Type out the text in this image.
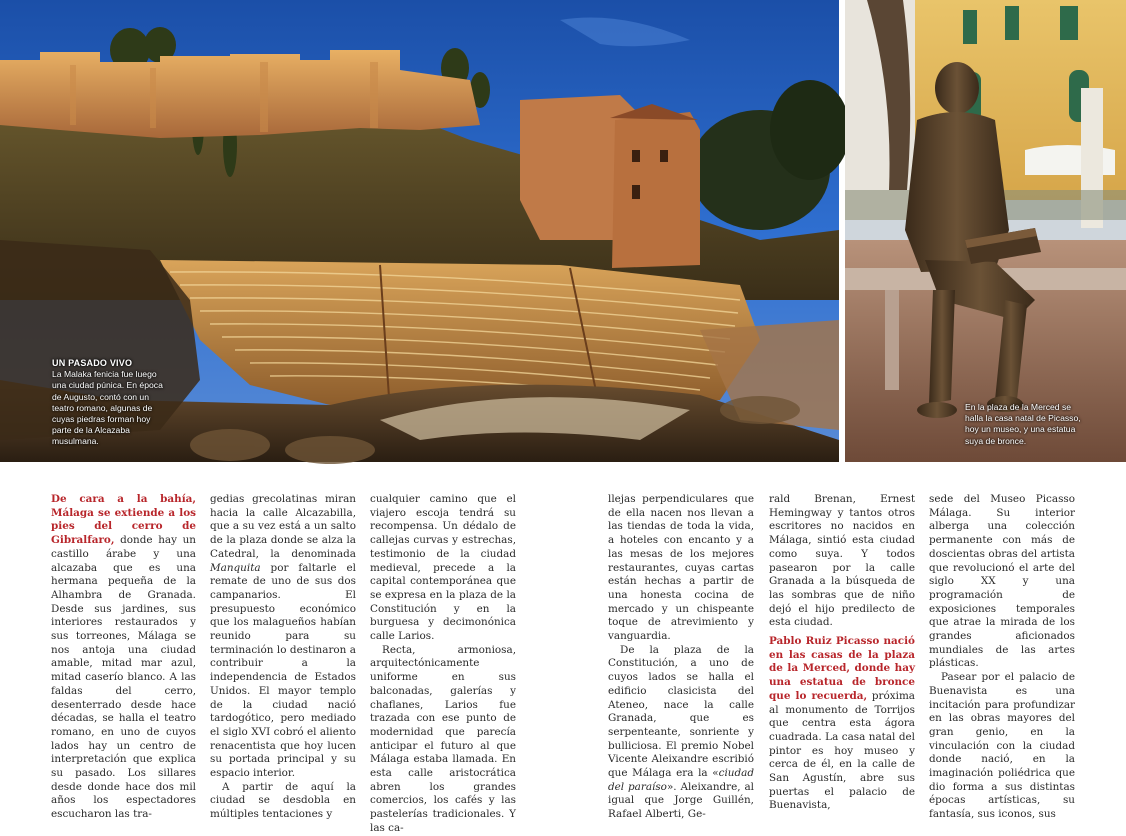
UN PASADO VIVO
La Malaka fenicia fue luego una ciudad púnica. En época de Augusto, contó con un teatro romano, algunas de cuyas piedras forman hoy parte de la Alcazaba musulmana.
En la plaza de la Merced se halla la casa natal de Picasso, hoy un museo, y una estatua suya de bronce.

De cara a la bahía, Málaga se extiende a los pies del cerro de Gibralfaro, donde hay un castillo árabe y una alcazaba que es una hermana pequeña de la Alhambra de Granada. Desde sus jardines, sus interiores restaurados y sus torreones, Málaga se nos antoja una ciudad amable, mitad mar azul, mitad caserío blanco. A las faldas del cerro, desenterrado desde hace décadas, se halla el teatro romano, en uno de cuyos lados hay un centro de interpretación que explica su pasado. Los sillares desde donde hace dos mil años los espectadores escucharon las tra-

gedias grecolatinas miran hacia la calle Alcazabilla, que a su vez está a un salto de la plaza donde se alza la Catedral, la denominada Manquita por faltarle el remate de uno de sus dos campanarios. El presupuesto económico que los malagueños habían reunido para su terminación lo destinaron a contribuir a la independencia de Estados Unidos. El mayor templo de la ciudad nació tardogótico, pero mediado el siglo XVI cobró el aliento renacentista que hoy lucen su portada principal y su espacio interior.

A partir de aquí la ciudad se desdobla en múltiples tentaciones y

cualquier camino que el viajero escoja tendrá su recompensa. Un dédalo de callejas curvas y estrechas, testimonio de la ciudad medieval, precede a la capital contemporánea que se expresa en la plaza de la Constitución y en la burguesa y decimonónica calle Larios.

Recta, armoniosa, arquitectónicamente uniforme en sus balconadas, galerías y chaflanes, Larios fue trazada con ese punto de modernidad que parecía anticipar el futuro al que Málaga estaba llamada. En esta calle aristocrática abren los grandes comercios, los cafés y las pastelerías tradicionales. Y las ca-

llejas perpendiculares que de ella nacen nos llevan a las tiendas de toda la vida, a hoteles con encanto y a las mesas de los mejores restaurantes, cuyas cartas están hechas a partir de una honesta cocina de mercado y un chispeante toque de atrevimiento y vanguardia.

De la plaza de la Constitución, a uno de cuyos lados se halla el edificio clasicista del Ateneo, nace la calle Granada, que es serpenteante, sonriente y bulliciosa. El premio Nobel Vicente Aleixandre escribió que Málaga era la «ciudad del paraíso». Aleixandre, al igual que Jorge Guillén, Rafael Alberti, Ge-

rald Brenan, Ernest Hemingway y tantos otros escritores no nacidos en Málaga, sintió esta ciudad como suya. Y todos pasearon por la calle Granada a la búsqueda de las sombras que de niño dejó el hijo predilecto de esta ciudad.

Pablo Ruiz Picasso nació en las casas de la plaza de la Merced, donde hay una estatua de bronce que lo recuerda, próxima al monumento de Torrijos que centra esta ágora cuadrada. La casa natal del pintor es hoy museo y cerca de él, en la calle de San Agustín, abre sus puertas el palacio de Buenavista,

sede del Museo Picasso Málaga. Su interior alberga una colección permanente con más de doscientas obras del artista que revolucionó el arte del siglo XX y una programación de exposiciones temporales que atrae la mirada de los grandes aficionados mundiales de las artes plásticas.

Pasear por el palacio de Buenavista es una incitación para profundizar en las obras mayores del gran genio, en la vinculación con la ciudad donde nació, en la imaginación poliédrica que dio forma a sus distintas épocas artísticas, su fantasía, sus iconos, sus
